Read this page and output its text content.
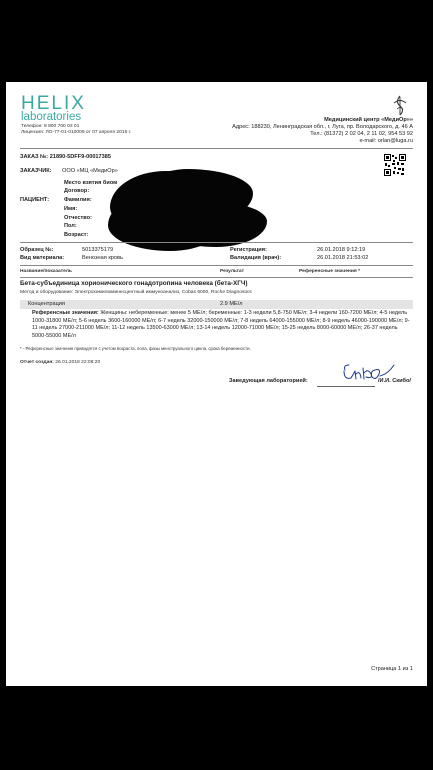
HELIX
laboratories
Телефон: 8 800 700 03 01
Лицензия: ЛО-77-01-010009 от 07 апреля 2015 г.
Медицинский центр «МедиОр»»
Адрес: 188230, Ленинградская обл., г. Луга, пр. Володарского, д. 46 А
Тел.: (81372) 2 02 04, 2 11 02, 954 53 92
e-mail: orlan@luga.ru
ЗАКАЗ №: 21890-5DFF9-00017385
ЗАКАЗЧИК: ООО «МЦ «МедиОр»
ПАЦИЕНТ:
Место взятия биом
Договор:
Фамилия:
Имя:
Отчество:
Пол:
Возраст:
Образец №:	5013375179
Вид материала:	Венозная кровь
Регистрация:	26.01.2018 9:12:19
Валидация (врач):	26.01.2018 21:53:02
Название/показатель	Результат	Референсные значения *
Бета-субъединица хорионического гонадотропина человека (бета-ХГЧ)
Метод и оборудование: Электрохемилюминесцентный иммуноанализ, Cobas 6000, Roche Diagnostics
Концентрация	2.9 МЕ/л
Референсные значения: Женщины: небеременные: менее 5 МЕ/л; беременные: 1-3 недели 5,8-750 МЕ/л; 3-4 недели 160-7200 МЕ/л; 4-5 недель 1000-31800 МЕ/л; 5-6 недель 3600-160000 МЕ/л; 6-7 недель 32000-150000 МЕ/л; 7-8 недель 64000-155000 МЕ/л; 8-9 недель 46000-190000 МЕ/л; 9-11 недель 27000-211000 МЕ/л; 11-12 недель 13500-63000 МЕ/л; 13-14 недель 12000-71000 МЕ/л; 15-25 недель 8000-60000 МЕ/л; 26-37 недель 5000-55000 МЕ/л
* - Референсные значения приводятся с учетом возраста, пола, фазы менструального цикла, срока беременности.
Отчет создан: 26.01.2018 22:08:20
Заведующая лабораторией:	/И.И. Скибо/
Страница 1 из 1
